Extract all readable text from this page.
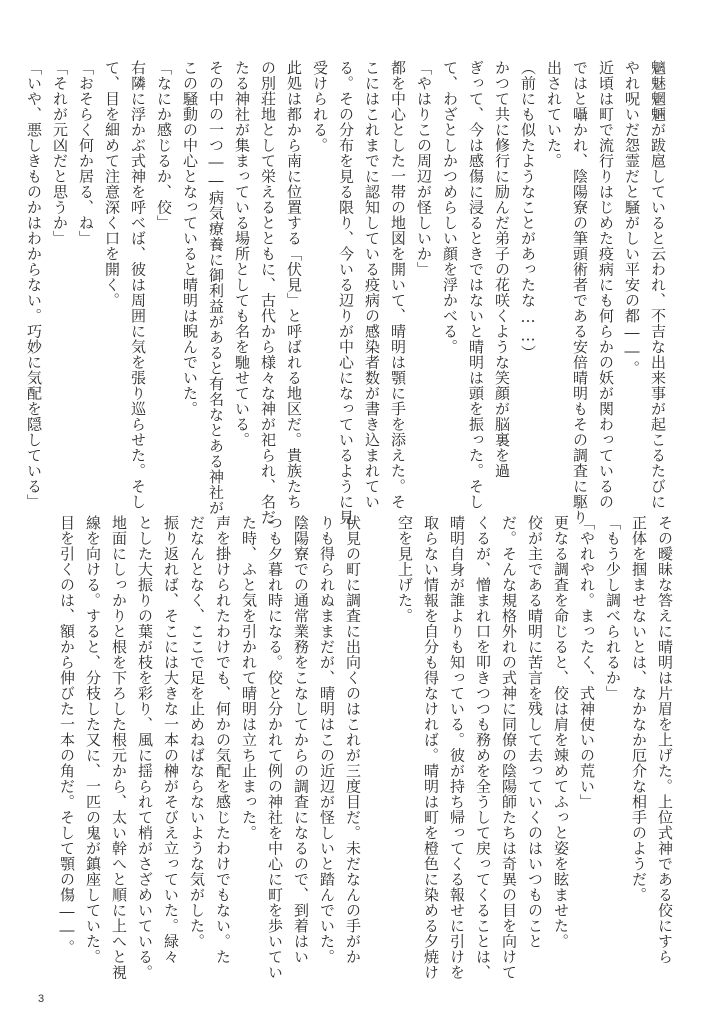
魑魅魍魎が跋扈していると云われ、不吉な出来事が起こるたびに
やれ呪いだ怨霊だと騒がしい平安の都――。
近頃は町で流行りはじめた疫病にも何らかの妖が関わっているの
ではと囁かれ、陰陽寮の筆頭術者である安倍晴明もその調査に駆り
出されていた。
（前にも似たようなことがあったな……）
かつて共に修行に励んだ弟子の花咲くような笑顔が脳裏を過
ぎって、今は感傷に浸るときではないと晴明は頭を振った。そし
て、わざとしかつめらしい顔を浮かべる。
「やはりこの周辺が怪しいか」
都を中心とした一帯の地図を開いて、晴明は顎に手を添えた。そ
こにはこれまでに認知している疫病の感染者数が書き込まれてい
る。その分布を見る限り、今いる辺りが中心になっているように見
受けられる。
此処は都から南に位置する「伏見」と呼ばれる地区だ。貴族たち
の別荘地として栄えるとともに、古代から様々な神が祀られ、名だ
たる神社が集まっている場所としても名を馳せている。
その中の一つ――病気療養に御利益があると有名なとある神社が
この騒動の中心となっていると晴明は睨んでいた。
「なにか感じるか、佼」
右隣に浮かぶ式神を呼べば、彼は周囲に気を張り巡らせた。そし
て、目を細めて注意深く口を開く。
「おそらく何か居る、ね」
「それが元凶だと思うか」
「いや、悪しきものかはわからない。巧妙に気配を隠している」
その曖昧な答えに晴明は片眉を上げた。上位式神である佼にすら
正体を掴ませないとは、なかなか厄介な相手のようだ。
「もう少し調べられるか」
「やれやれ。まったく、式神使いの荒い」
更なる調査を命じると、佼は肩を竦めてふっと姿を眩ませた。
佼が主である晴明に苦言を残して去っていくのはいつものこと
だ。そんな規格外れの式神に同僚の陰陽師たちは奇異の目を向けて
くるが、憎まれ口を叩きつつも務めを全うして戻ってくることは、
晴明自身が誰よりも知っている。彼が持ち帰ってくる報せに引けを
取らない情報を自分も得なければ。晴明は町を橙色に染める夕焼け
空を見上げた。
伏見の町に調査に出向くのはこれが三度目だ。未だなんの手がか
りも得られぬままだが、晴明はこの近辺が怪しいと踏んでいた。
陰陽寮での通常業務をこなしてからの調査になるので、到着はい
つも夕暮れ時になる。佼と分かれて例の神社を中心に町を歩いてい
た時、ふと気を引かれて晴明は立ち止まった。
声を掛けられたわけでも、何かの気配を感じたわけでもない。た
だなんとなく、ここで足を止めねばならないような気がした。
振り返れば、そこには大きな一本の榊がそびえ立っていた。緑々
とした大振りの葉が枝を彩り、風に揺られて梢がさざめいている。
地面にしっかりと根を下ろした根元から、太い幹へと順に上へと視
線を向ける。すると、分枝した又に、一匹の鬼が鎮座していた。
目を引くのは、額から伸びた一本の角だ。そして顎の傷――。
3
